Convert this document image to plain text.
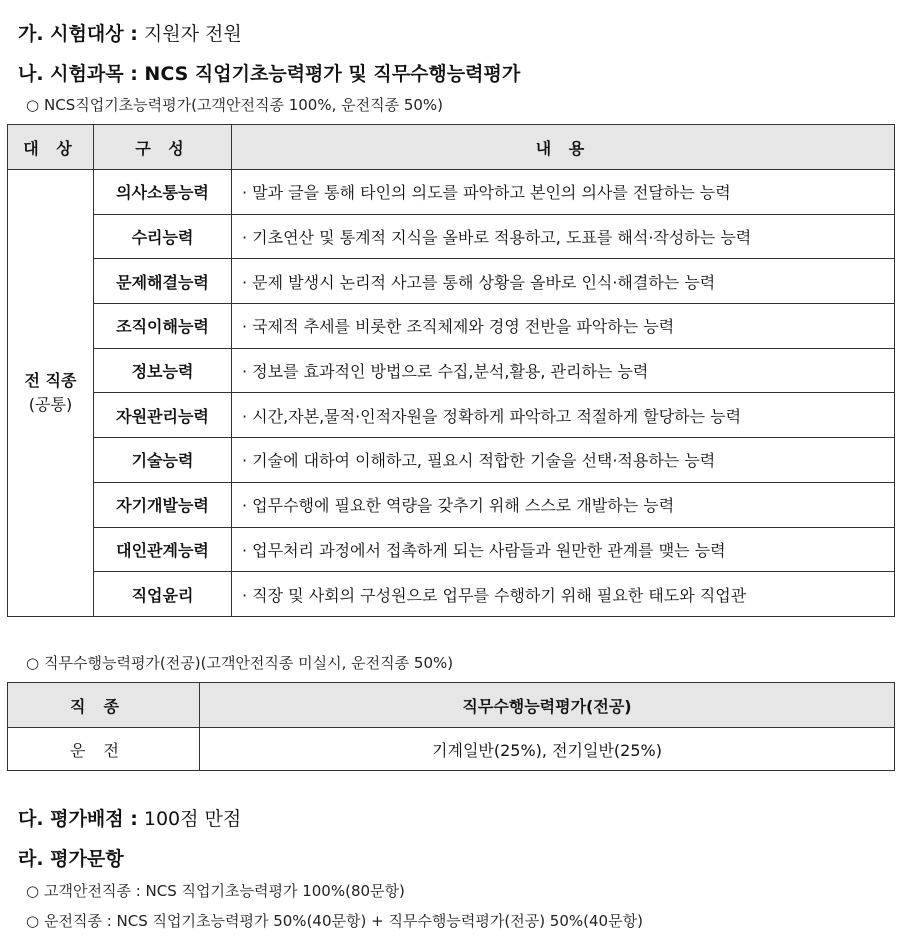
가. 시험대상 : 지원자 전원
나. 시험과목 : NCS 직업기초능력평가 및 직무수행능력평가
○ NCS직업기초능력평가(고객안전직종 100%, 운전직종 50%)
대 상	구 성	내 용

전 직종
(공통)	의사소통능력	· 말과 글을 통해 타인의 의도를 파악하고 본인의 의사를 전달하는 능력
	수리능력	· 기초연산 및 통계적 지식을 올바로 적용하고, 도표를 해석·작성하는 능력
	문제해결능력	· 문제 발생시 논리적 사고를 통해 상황을 올바로 인식·해결하는 능력
	조직이해능력	· 국제적 추세를 비롯한 조직체제와 경영 전반을 파악하는 능력
	정보능력	· 정보를 효과적인 방법으로 수집,분석,활용, 관리하는 능력
	자원관리능력	· 시간,자본,물적·인적자원을 정확하게 파악하고 적절하게 할당하는 능력
	기술능력	· 기술에 대하여 이해하고, 필요시 적합한 기술을 선택·적용하는 능력
	자기개발능력	· 업무수행에 필요한 역량을 갖추기 위해 스스로 개발하는 능력
	대인관계능력	· 업무처리 과정에서 접촉하게 되는 사람들과 원만한 관계를 맺는 능력
	직업윤리	· 직장 및 사회의 구성원으로 업무를 수행하기 위해 필요한 태도와 직업관
○ 직무수행능력평가(전공)(고객안전직종 미실시, 운전직종 50%)
직종	직무수행능력평가(전공)
운전	기계일반(25%), 전기일반(25%)
다. 평가배점 : 100점 만점
라. 평가문항
○ 고객안전직종 : NCS 직업기초능력평가 100%(80문항)
○ 운전직종 : NCS 직업기초능력평가 50%(40문항) + 직무수행능력평가(전공) 50%(40문항)
